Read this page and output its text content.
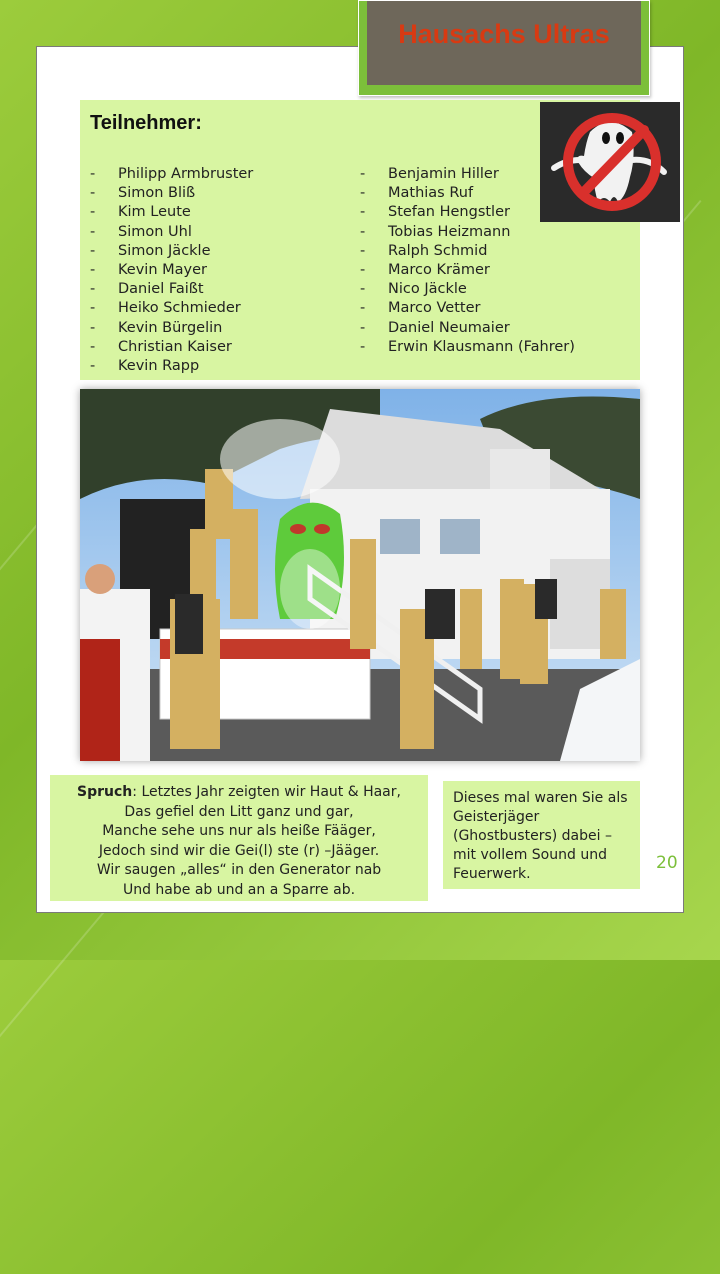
Hausachs Ultras
Teilnehmer:
- Philipp Armbruster
- Simon Bliß
- Kim Leute
- Simon Uhl
- Simon Jäckle
- Kevin Mayer
- Daniel Faißt
- Heiko Schmieder
- Kevin Bürgelin
- Christian Kaiser
- Kevin Rapp
- Benjamin Hiller
- Mathias Ruf
- Stefan Hengstler
- Tobias Heizmann
- Ralph Schmid
- Marco Krämer
- Nico Jäckle
- Marco Vetter
- Daniel Neumaier
- Erwin Klausmann (Fahrer)
Spruch: Letztes Jahr zeigten wir Haut & Haar,
Das gefiel den Litt ganz und gar,
Manche sehe uns nur als heiße Fääger,
Jedoch sind wir die Gei(l) ste (r) –Jääger.
Wir saugen „alles“ in den Generator nab
Und habe ab und an a Sparre ab.

Dieses mal waren Sie als Geisterjäger (Ghostbusters) dabei – mit vollem Sound und Feuerwerk.

20
